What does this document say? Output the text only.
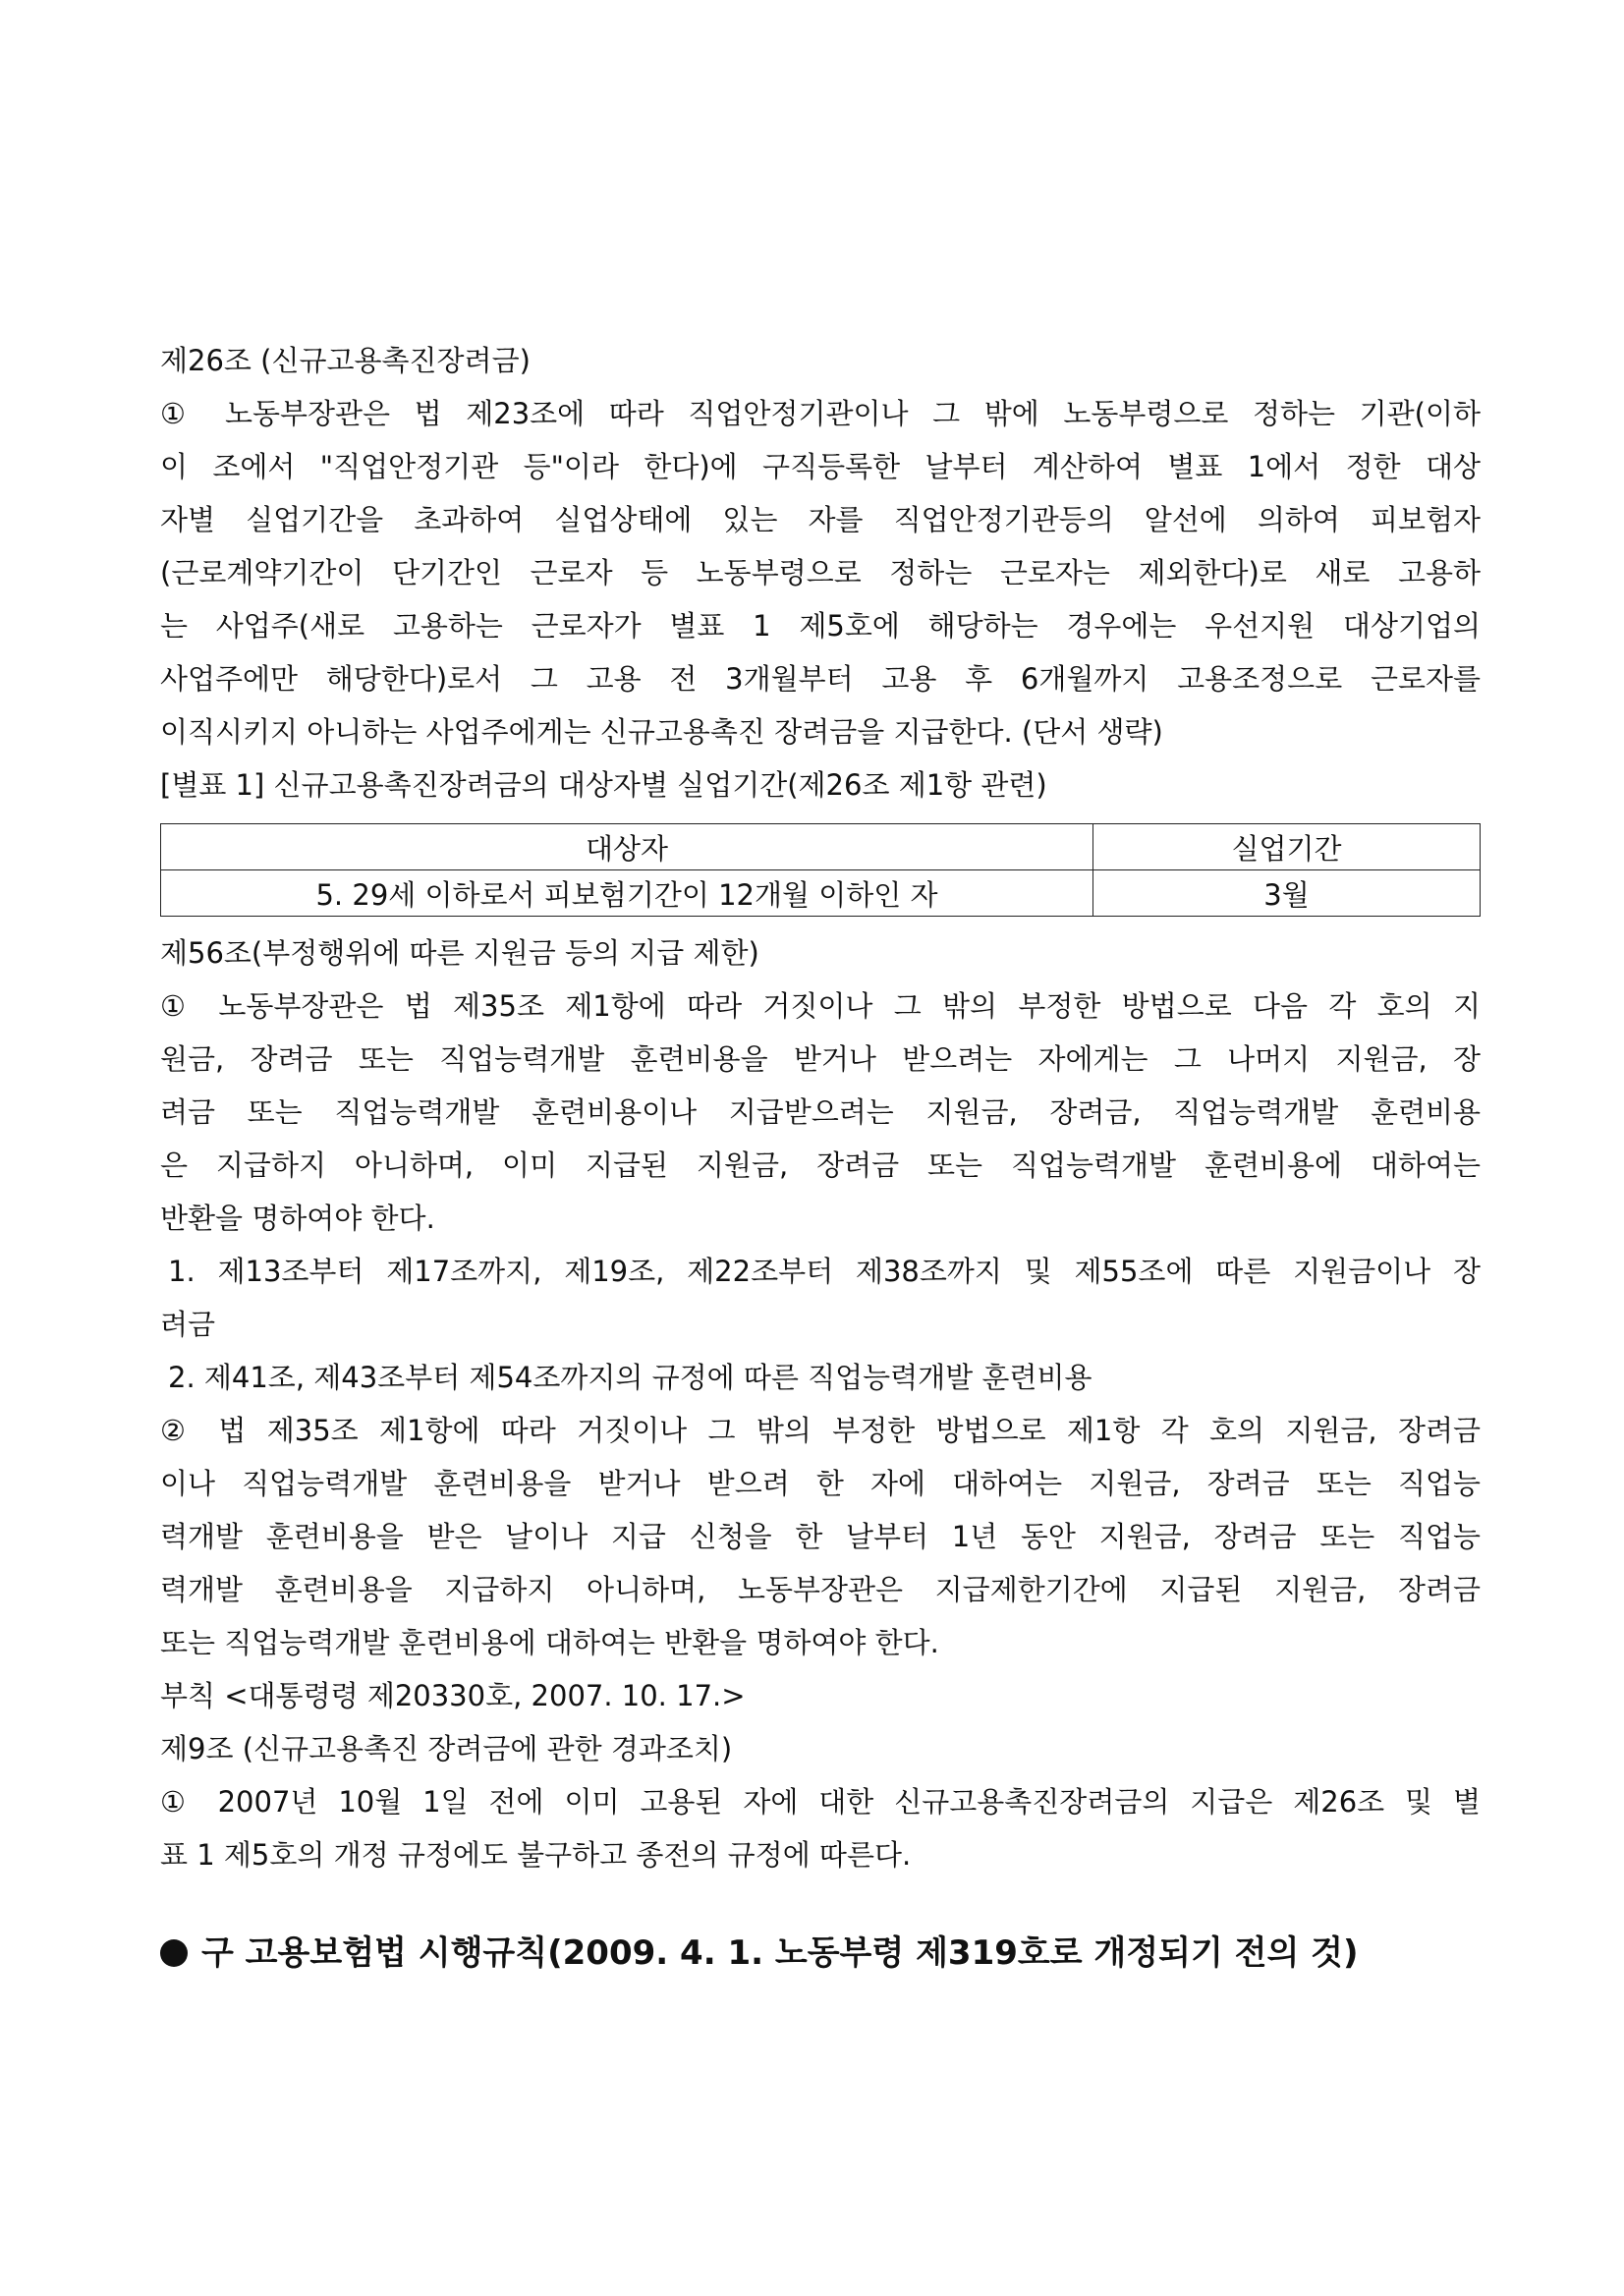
제26조 (신규고용촉진장려금)
① 노동부장관은 법 제23조에 따라 직업안정기관이나 그 밖에 노동부령으로 정하는 기관(이하
이 조에서 "직업안정기관 등"이라 한다)에 구직등록한 날부터 계산하여 별표 1에서 정한 대상
자별 실업기간을 초과하여 실업상태에 있는 자를 직업안정기관등의 알선에 의하여 피보험자
(근로계약기간이 단기간인 근로자 등 노동부령으로 정하는 근로자는 제외한다)로 새로 고용하
는 사업주(새로 고용하는 근로자가 별표 1 제5호에 해당하는 경우에는 우선지원 대상기업의
사업주에만 해당한다)로서 그 고용 전 3개월부터 고용 후 6개월까지 고용조정으로 근로자를
이직시키지 아니하는 사업주에게는 신규고용촉진 장려금을 지급한다. (단서 생략)
[별표 1] 신규고용촉진장려금의 대상자별 실업기간(제26조 제1항 관련)
대상자	실업기간
5. 29세 이하로서 피보험기간이 12개월 이하인 자	3월
제56조(부정행위에 따른 지원금 등의 지급 제한)
① 노동부장관은 법 제35조 제1항에 따라 거짓이나 그 밖의 부정한 방법으로 다음 각 호의 지
원금, 장려금 또는 직업능력개발 훈련비용을 받거나 받으려는 자에게는 그 나머지 지원금, 장
려금 또는 직업능력개발 훈련비용이나 지급받으려는 지원금, 장려금, 직업능력개발 훈련비용
은 지급하지 아니하며, 이미 지급된 지원금, 장려금 또는 직업능력개발 훈련비용에 대하여는
반환을 명하여야 한다.
1. 제13조부터 제17조까지, 제19조, 제22조부터 제38조까지 및 제55조에 따른 지원금이나 장
려금
2. 제41조, 제43조부터 제54조까지의 규정에 따른 직업능력개발 훈련비용
② 법 제35조 제1항에 따라 거짓이나 그 밖의 부정한 방법으로 제1항 각 호의 지원금, 장려금
이나 직업능력개발 훈련비용을 받거나 받으려 한 자에 대하여는 지원금, 장려금 또는 직업능
력개발 훈련비용을 받은 날이나 지급 신청을 한 날부터 1년 동안 지원금, 장려금 또는 직업능
력개발 훈련비용을 지급하지 아니하며, 노동부장관은 지급제한기간에 지급된 지원금, 장려금
또는 직업능력개발 훈련비용에 대하여는 반환을 명하여야 한다.
부칙 <대통령령 제20330호, 2007. 10. 17.>
제9조 (신규고용촉진 장려금에 관한 경과조치)
① 2007년 10월 1일 전에 이미 고용된 자에 대한 신규고용촉진장려금의 지급은 제26조 및 별
표 1 제5호의 개정 규정에도 불구하고 종전의 규정에 따른다.
구 고용보험법 시행규칙(2009. 4. 1. 노동부령 제319호로 개정되기 전의 것)
